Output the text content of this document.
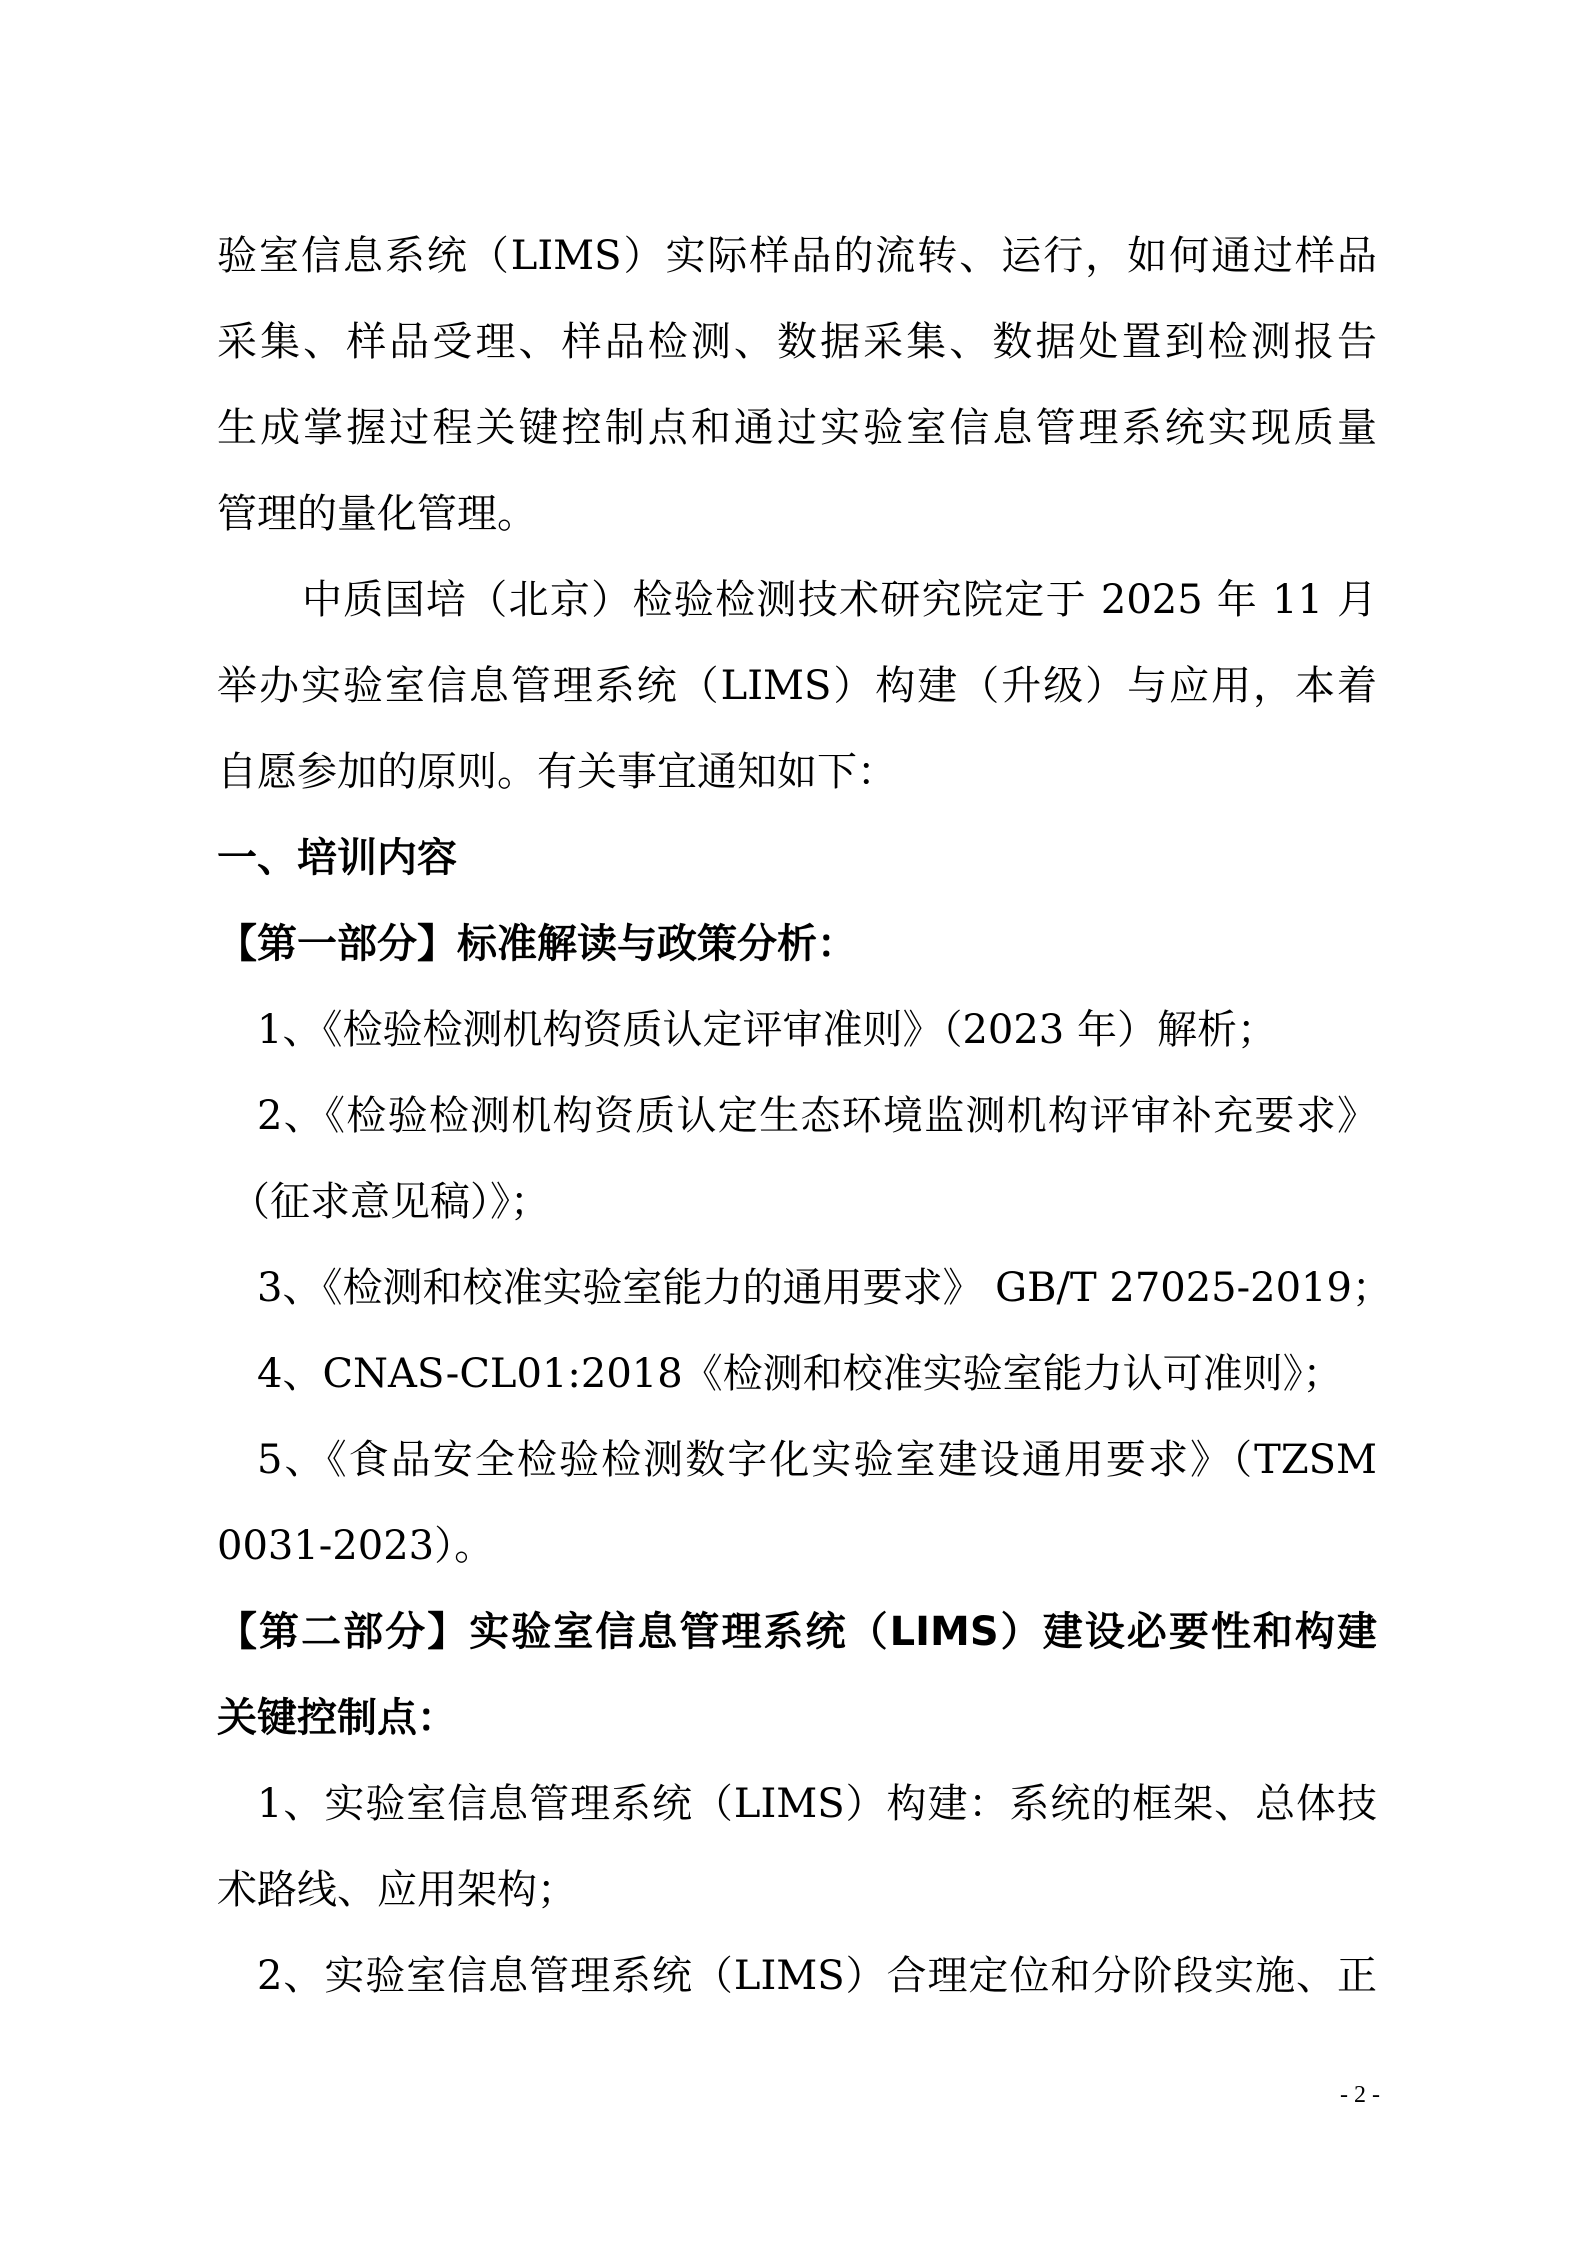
验室信息系统（LIMS）实际样品的流转、运行，如何通过样品
采集、样品受理、样品检测、数据采集、数据处置到检测报告
生成掌握过程关键控制点和通过实验室信息管理系统实现质量
管理的量化管理。
中质国培（北京）检验检测技术研究院定于 2025 年 11 月
举办实验室信息管理系统（LIMS）构建（升级）与应用，本着
自愿参加的原则。有关事宜通知如下：
一、培训内容
【第一部分】标准解读与政策分析：
1、《检验检测机构资质认定评审准则》（2023 年）解析；
2、《检验检测机构资质认定生态环境监测机构评审补充要求》
（征求意见稿）》；
3、《检测和校准实验室能力的通用要求》 GB/T 27025-2019；
4、CNAS-CL01:2018《检测和校准实验室能力认可准则》；
5、《食品安全检验检测数字化实验室建设通用要求》（TZSM
0031-2023）。
【第二部分】实验室信息管理系统（LIMS）建设必要性和构建
关键控制点：
1、实验室信息管理系统（LIMS）构建：系统的框架、总体技
术路线、应用架构；
2、实验室信息管理系统（LIMS）合理定位和分阶段实施、正
- 2 -
